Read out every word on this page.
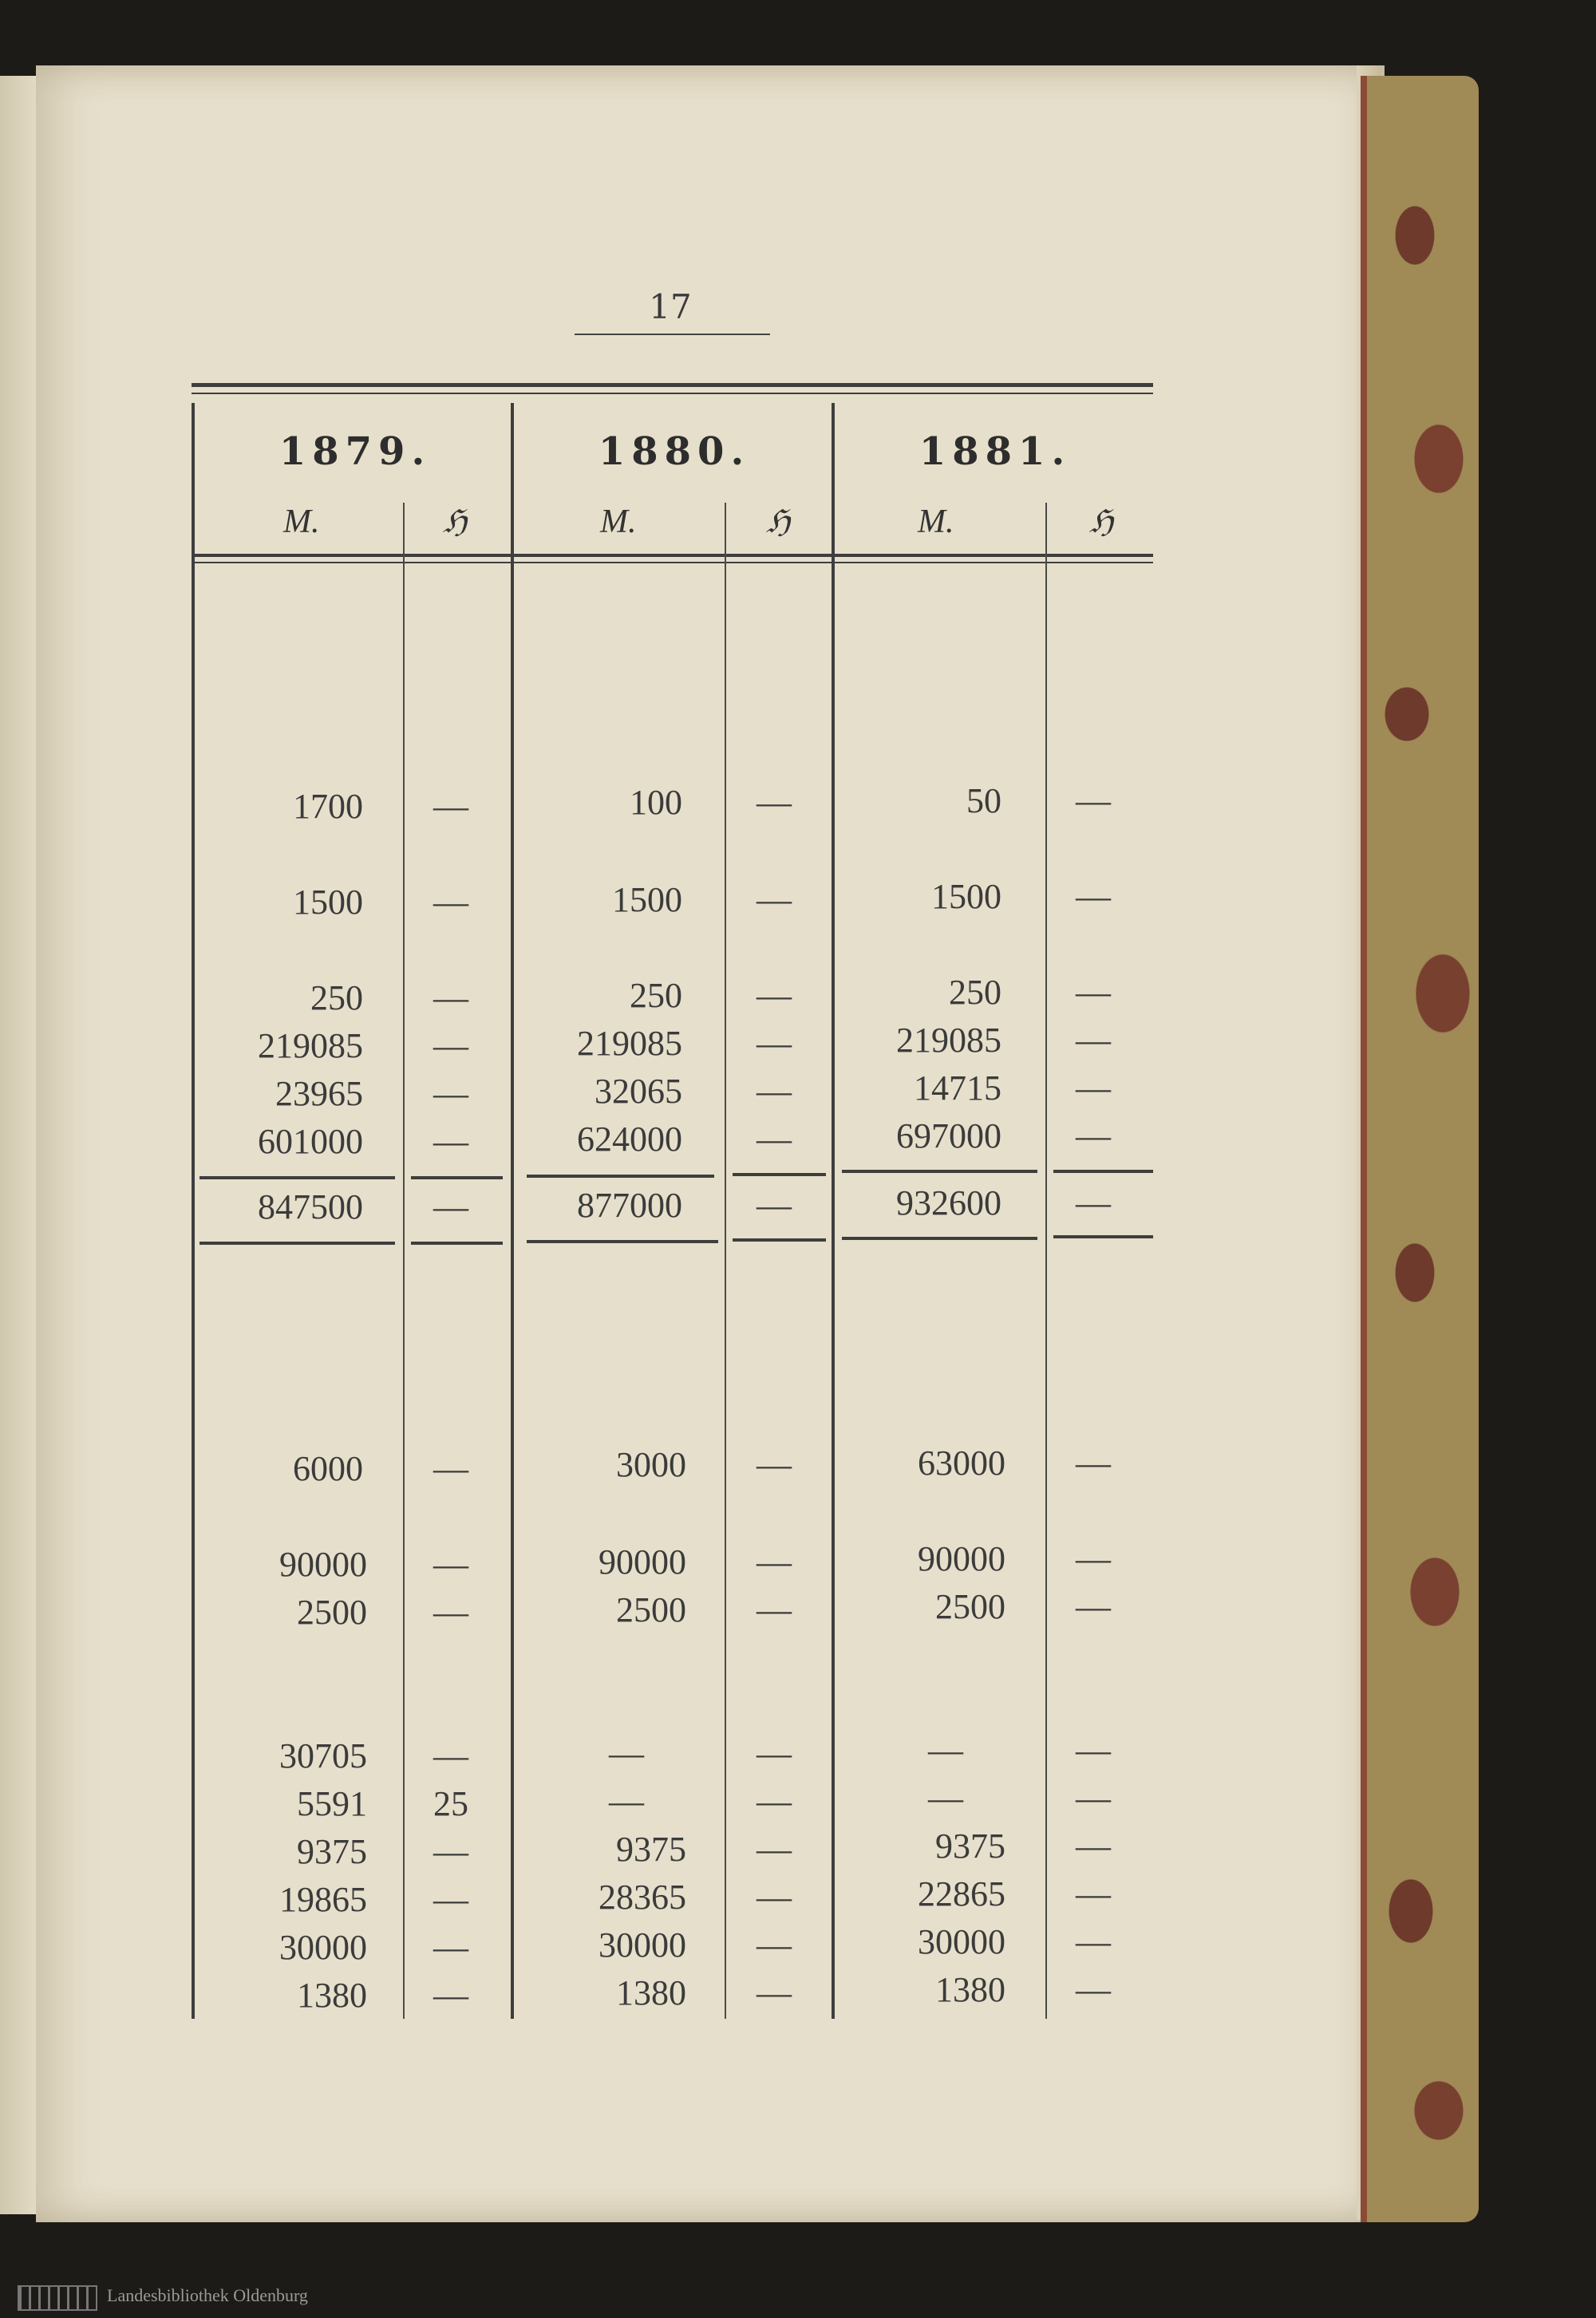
17
1879.	1880.	1881.
M.	ℌ	M.	ℌ	M.	ℌ
1700	—	100	—	50	—
1500	—	1500	—	1500	—
250	—	250	—	250	—
219085	—	219085	—	219085	—
23965	—	32065	—	14715	—
601000	—	624000	—	697000	—
847500	—	877000	—	932600	—
6000	—	3000	—	63000	—
90000	—	90000	—	90000	—
2500	—	2500	—	2500	—
30705	—	—	—	—	—
5591	25	—	—	—	—
9375	—	9375	—	9375	—
19865	—	28365	—	22865	—
30000	—	30000	—	30000	—
1380	—	1380	—	1380	—
Landesbibliothek Oldenburg
